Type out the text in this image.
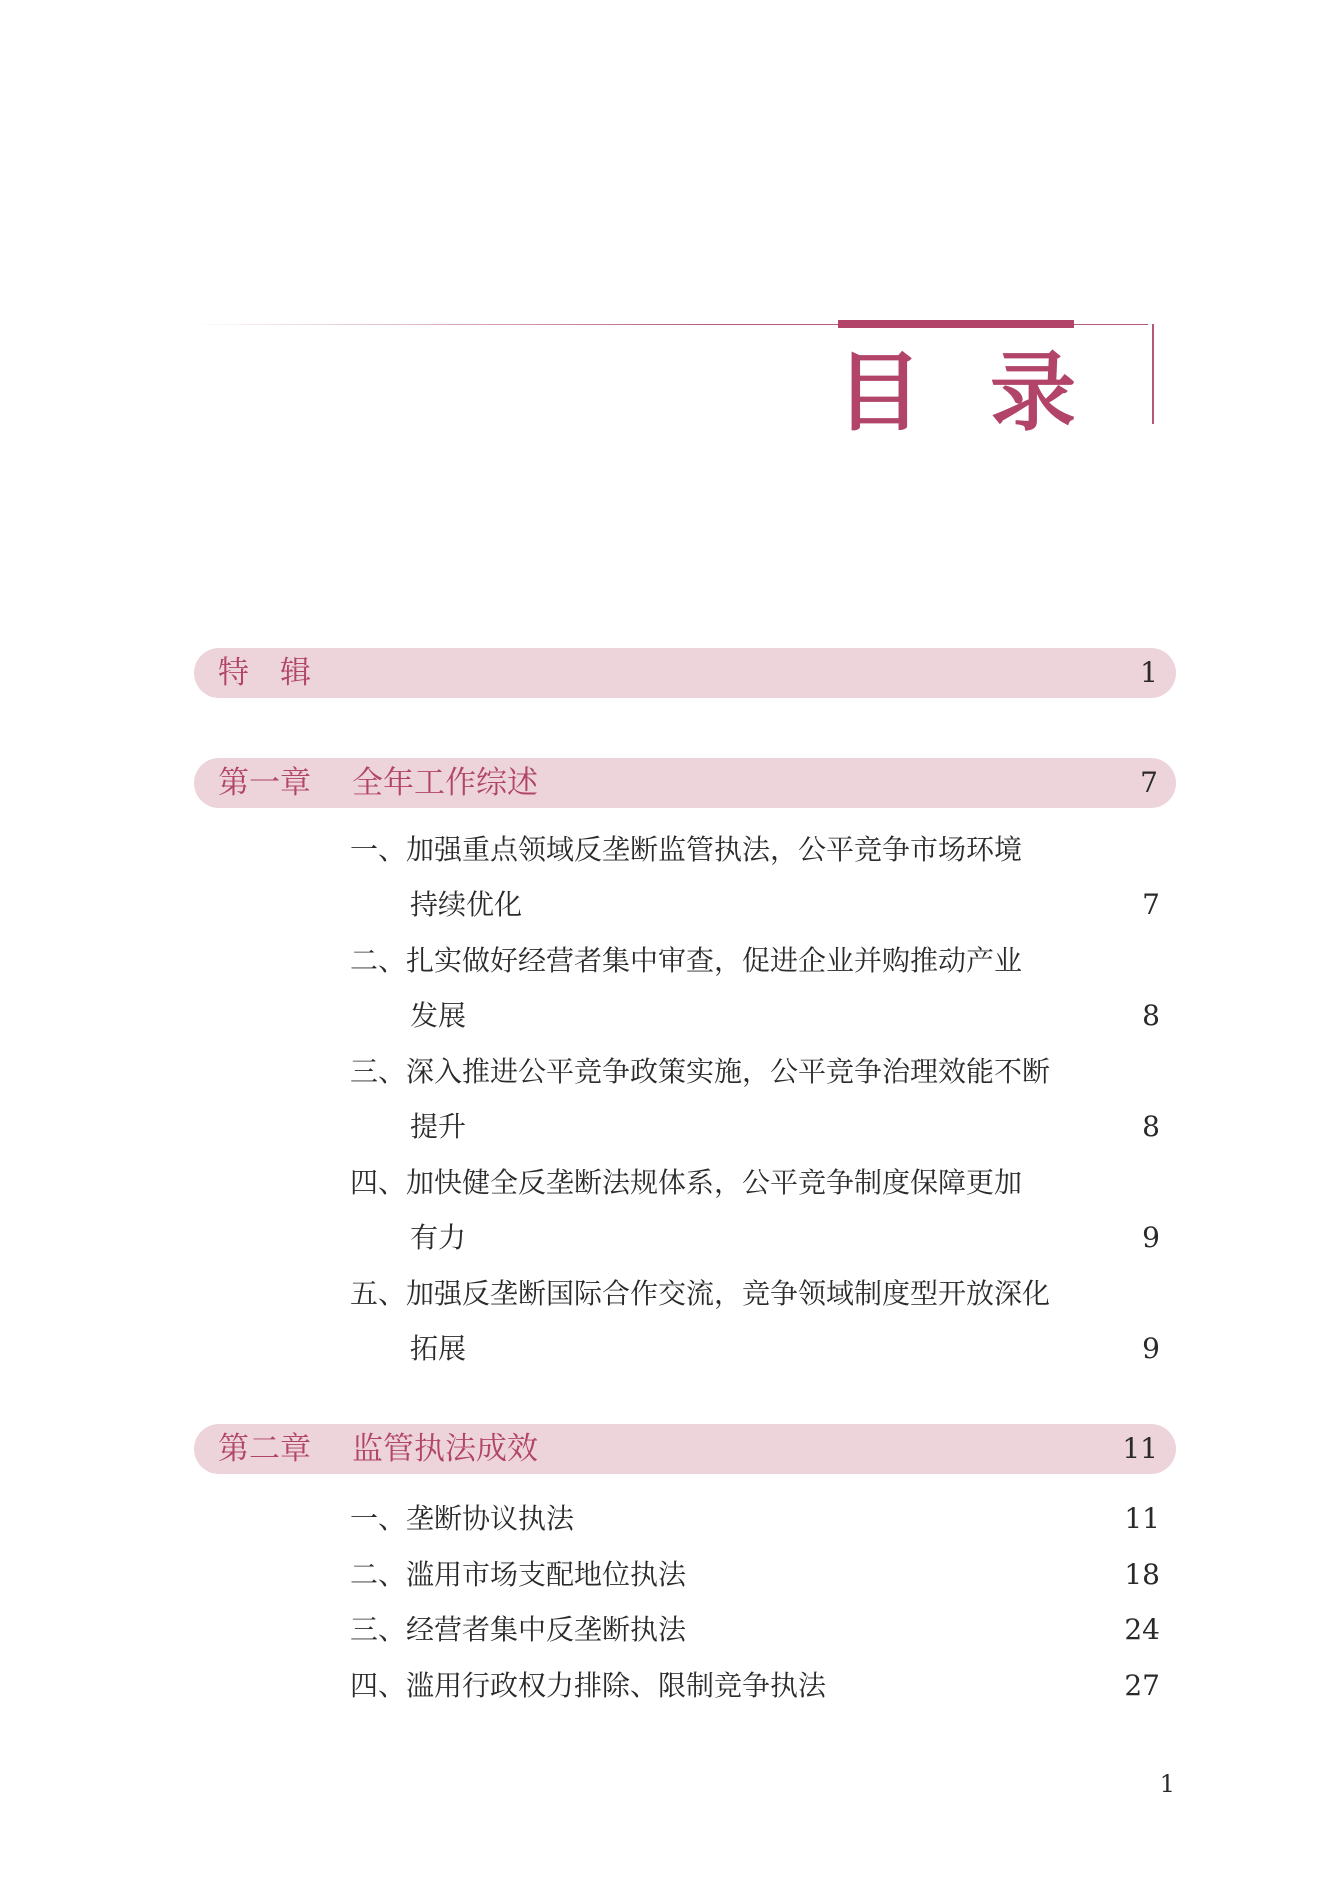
目 录
特　辑	1
第一章 全年工作综述	7
一、加强重点领域反垄断监管执法，公平竞争市场环境
持续优化	7
二、扎实做好经营者集中审查，促进企业并购推动产业
发展	8
三、深入推进公平竞争政策实施，公平竞争治理效能不断
提升	8
四、加快健全反垄断法规体系，公平竞争制度保障更加
有力	9
五、加强反垄断国际合作交流，竞争领域制度型开放深化
拓展	9
第二章 监管执法成效	11
一、垄断协议执法	11
二、滥用市场支配地位执法	18
三、经营者集中反垄断执法	24
四、滥用行政权力排除、限制竞争执法	27
1
